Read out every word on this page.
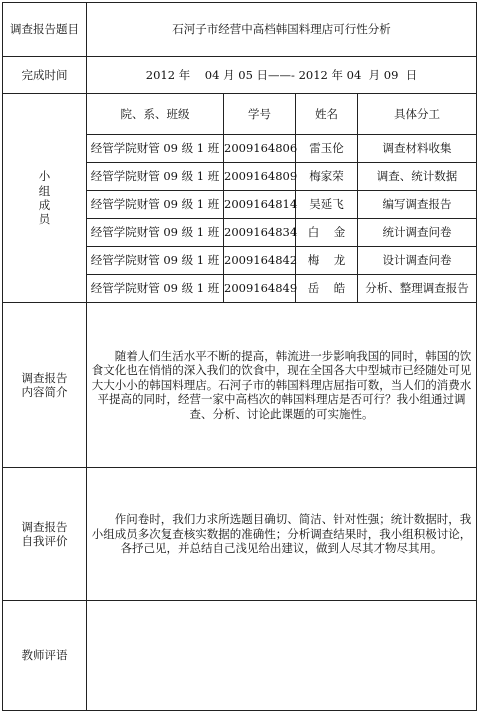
调查报告题目	石河子市经营中高档韩国料理店可行性分析			
完成时间	2012 年    04 月 05 日——- 2012 年 04  月 09  日			

小
组
成
员	院、系、班级	学号	姓名	具体分工
	经管学院财管 09 级 1 班	2009164806	雷玉伦	调查材料收集
	经管学院财管 09 级 1 班	2009164809	梅家荣	调查、统计数据
	经管学院财管 09 级 1 班	2009164814	吴延飞	编写调查报告
	经管学院财管 09 级 1 班	2009164834	白    金	统计调查问卷
	经管学院财管 09 级 1 班	2009164842	梅    龙	设计调查问卷
	经管学院财管 09 级 1 班	2009164849	岳    皓	分析、整理调查报告

调查报告
内容简介	随着人们生活水平不断的提高，韩流进一步影响我国的同时，韩国的饮食文化也在悄悄的深入我们的饮食中，现在全国各大中型城市已经随处可见大大小小的韩国料理店。石河子市的韩国料理店屈指可数，当人们的消费水平提高的同时，经营一家中高档次的韩国料理店是否可行？我小组通过调查、分析、讨论此课题的可实施性。			

调查报告
自我评价	作问卷时，我们力求所选题目确切、简洁、针对性强；统计数据时，我小组成员多次复查核实数据的准确性；分析调查结果时，我小组积极讨论，各抒己见，并总结自己浅见给出建议，做到人尽其才物尽其用。			
教师评语				
